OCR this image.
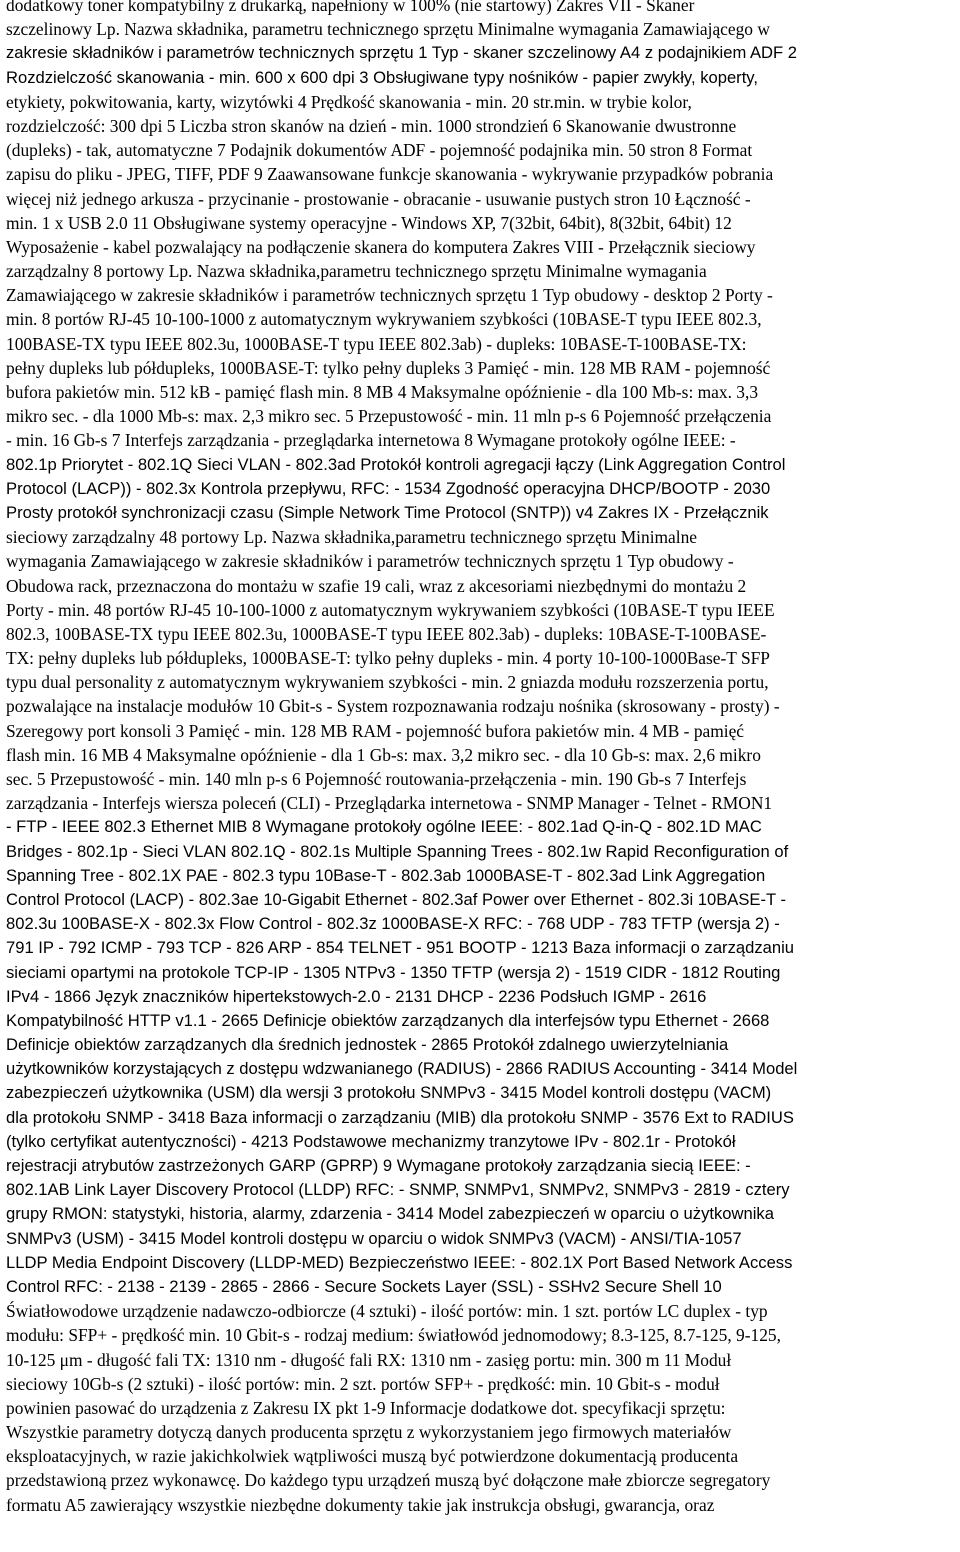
dodatkowy toner kompatybilny z drukarką, napełniony w 100% (nie startowy) Zakres VII - Skaner
szczelinowy Lp. Nazwa składnika, parametru technicznego sprzętu Minimalne wymagania Zamawiającego w
zakresie składników i parametrów technicznych sprzętu 1 Typ - skaner szczelinowy A4 z podajnikiem ADF 2
Rozdzielczość skanowania - min. 600 x 600 dpi 3 Obsługiwane typy nośników - papier zwykły, koperty,
etykiety, pokwitowania, karty, wizytówki 4 Prędkość skanowania - min. 20 str.min. w trybie kolor,
rozdzielczość: 300 dpi 5 Liczba stron skanów na dzień - min. 1000 strondzień 6 Skanowanie dwustronne
(dupleks) - tak, automatyczne 7 Podajnik dokumentów ADF - pojemność podajnika min. 50 stron 8 Format
zapisu do pliku - JPEG, TIFF, PDF 9 Zaawansowane funkcje skanowania - wykrywanie przypadków pobrania
więcej niż jednego arkusza - przycinanie - prostowanie - obracanie - usuwanie pustych stron 10 Łączność -
min. 1 x USB 2.0 11 Obsługiwane systemy operacyjne - Windows XP, 7(32bit, 64bit), 8(32bit, 64bit) 12
Wyposażenie - kabel pozwalający na podłączenie skanera do komputera Zakres VIII - Przełącznik sieciowy
zarządzalny 8 portowy Lp. Nazwa składnika,parametru technicznego sprzętu Minimalne wymagania
Zamawiającego w zakresie składników i parametrów technicznych sprzętu 1 Typ obudowy - desktop 2 Porty -
min. 8 portów RJ-45 10-100-1000 z automatycznym wykrywaniem szybkości (10BASE-T typu IEEE 802.3,
100BASE-TX typu IEEE 802.3u, 1000BASE-T typu IEEE 802.3ab) - dupleks: 10BASE-T-100BASE-TX:
pełny dupleks lub półdupleks, 1000BASE-T: tylko pełny dupleks 3 Pamięć - min. 128 MB RAM - pojemność
bufora pakietów min. 512 kB - pamięć flash min. 8 MB 4 Maksymalne opóźnienie - dla 100 Mb-s: max. 3,3
mikro sec. - dla 1000 Mb-s: max. 2,3 mikro sec. 5 Przepustowość - min. 11 mln p-s 6 Pojemność przełączenia
- min. 16 Gb-s 7 Interfejs zarządzania - przeglądarka internetowa 8 Wymagane protokoły ogólne IEEE: -
802.1p Priorytet - 802.1Q Sieci VLAN - 802.3ad Protokół kontroli agregacji łączy (Link Aggregation Control
Protocol (LACP)) - 802.3x Kontrola przepływu, RFC: - 1534 Zgodność operacyjna DHCP/BOOTP - 2030
Prosty protokół synchronizacji czasu (Simple Network Time Protocol (SNTP)) v4 Zakres IX - Przełącznik
sieciowy zarządzalny 48 portowy Lp. Nazwa składnika,parametru technicznego sprzętu Minimalne
wymagania Zamawiającego w zakresie składników i parametrów technicznych sprzętu 1 Typ obudowy -
Obudowa rack, przeznaczona do montażu w szafie 19 cali, wraz z akcesoriami niezbędnymi do montażu 2
Porty - min. 48 portów RJ-45 10-100-1000 z automatycznym wykrywaniem szybkości (10BASE-T typu IEEE
802.3, 100BASE-TX typu IEEE 802.3u, 1000BASE-T typu IEEE 802.3ab) - dupleks: 10BASE-T-100BASE-
TX: pełny dupleks lub półdupleks, 1000BASE-T: tylko pełny dupleks - min. 4 porty 10-100-1000Base-T SFP
typu dual personality z automatycznym wykrywaniem szybkości - min. 2 gniazda modułu rozszerzenia portu,
pozwalające na instalacje modułów 10 Gbit-s - System rozpoznawania rodzaju nośnika (skrosowany - prosty) -
Szeregowy port konsoli 3 Pamięć - min. 128 MB RAM - pojemność bufora pakietów min. 4 MB - pamięć
flash min. 16 MB 4 Maksymalne opóźnienie - dla 1 Gb-s: max. 3,2 mikro sec. - dla 10 Gb-s: max. 2,6 mikro
sec. 5 Przepustowość - min. 140 mln p-s 6 Pojemność routowania-przełączenia - min. 190 Gb-s 7 Interfejs
zarządzania - Interfejs wiersza poleceń (CLI) - Przeglądarka internetowa - SNMP Manager - Telnet - RMON1
- FTP - IEEE 802.3 Ethernet MIB 8 Wymagane protokoły ogólne IEEE: - 802.1ad Q-in-Q - 802.1D MAC
Bridges - 802.1p - Sieci VLAN 802.1Q - 802.1s Multiple Spanning Trees - 802.1w Rapid Reconfiguration of
Spanning Tree - 802.1X PAE - 802.3 typu 10Base-T - 802.3ab 1000BASE-T - 802.3ad Link Aggregation
Control Protocol (LACP) - 802.3ae 10-Gigabit Ethernet - 802.3af Power over Ethernet - 802.3i 10BASE-T -
802.3u 100BASE-X - 802.3x Flow Control - 802.3z 1000BASE-X RFC: - 768 UDP - 783 TFTP (wersja 2) -
791 IP - 792 ICMP - 793 TCP - 826 ARP - 854 TELNET - 951 BOOTP - 1213 Baza informacji o zarządzaniu
sieciami opartymi na protokole TCP-IP - 1305 NTPv3 - 1350 TFTP (wersja 2) - 1519 CIDR - 1812 Routing
IPv4 - 1866 Język znaczników hipertekstowych-2.0 - 2131 DHCP - 2236 Podsłuch IGMP - 2616
Kompatybilność HTTP v1.1 - 2665 Definicje obiektów zarządzanych dla interfejsów typu Ethernet - 2668
Definicje obiektów zarządzanych dla średnich jednostek - 2865 Protokół zdalnego uwierzytelniania
użytkowników korzystających z dostępu wdzwanianego (RADIUS) - 2866 RADIUS Accounting - 3414 Model
zabezpieczeń użytkownika (USM) dla wersji 3 protokołu SNMPv3 - 3415 Model kontroli dostępu (VACM)
dla protokołu SNMP - 3418 Baza informacji o zarządzaniu (MIB) dla protokołu SNMP - 3576 Ext to RADIUS
(tylko certyfikat autentyczności) - 4213 Podstawowe mechanizmy tranzytowe IPv - 802.1r - Protokół
rejestracji atrybutów zastrzeżonych GARP (GPRP) 9 Wymagane protokoły zarządzania siecią IEEE: -
802.1AB Link Layer Discovery Protocol (LLDP) RFC: - SNMP, SNMPv1, SNMPv2, SNMPv3 - 2819 - cztery
grupy RMON: statystyki, historia, alarmy, zdarzenia - 3414 Model zabezpieczeń w oparciu o użytkownika
SNMPv3 (USM) - 3415 Model kontroli dostępu w oparciu o widok SNMPv3 (VACM) - ANSI/TIA-1057
LLDP Media Endpoint Discovery (LLDP-MED) Bezpieczeństwo IEEE: - 802.1X Port Based Network Access
Control RFC: - 2138 - 2139 - 2865 - 2866 - Secure Sockets Layer (SSL) - SSHv2 Secure Shell 10
Światłowodowe urządzenie nadawczo-odbiorcze (4 sztuki) - ilość portów: min. 1 szt. portów LC duplex - typ
modułu: SFP+ - prędkość min. 10 Gbit-s - rodzaj medium: światłowód jednomodowy; 8.3-125, 8.7-125, 9-125,
10-125 μm - długość fali TX: 1310 nm - długość fali RX: 1310 nm - zasięg portu: min. 300 m 11 Moduł
sieciowy 10Gb-s (2 sztuki) - ilość portów: min. 2 szt. portów SFP+ - prędkość: min. 10 Gbit-s - moduł
powinien pasować do urządzenia z Zakresu IX pkt 1-9 Informacje dodatkowe dot. specyfikacji sprzętu:
Wszystkie parametry dotyczą danych producenta sprzętu z wykorzystaniem jego firmowych materiałów
eksploatacyjnych, w razie jakichkolwiek wątpliwości muszą być potwierdzone dokumentacją producenta
przedstawioną przez wykonawcę. Do każdego typu urządzeń muszą być dołączone małe zbiorcze segregatory
formatu A5 zawierający wszystkie niezbędne dokumenty takie jak instrukcja obsługi, gwarancja, oraz
